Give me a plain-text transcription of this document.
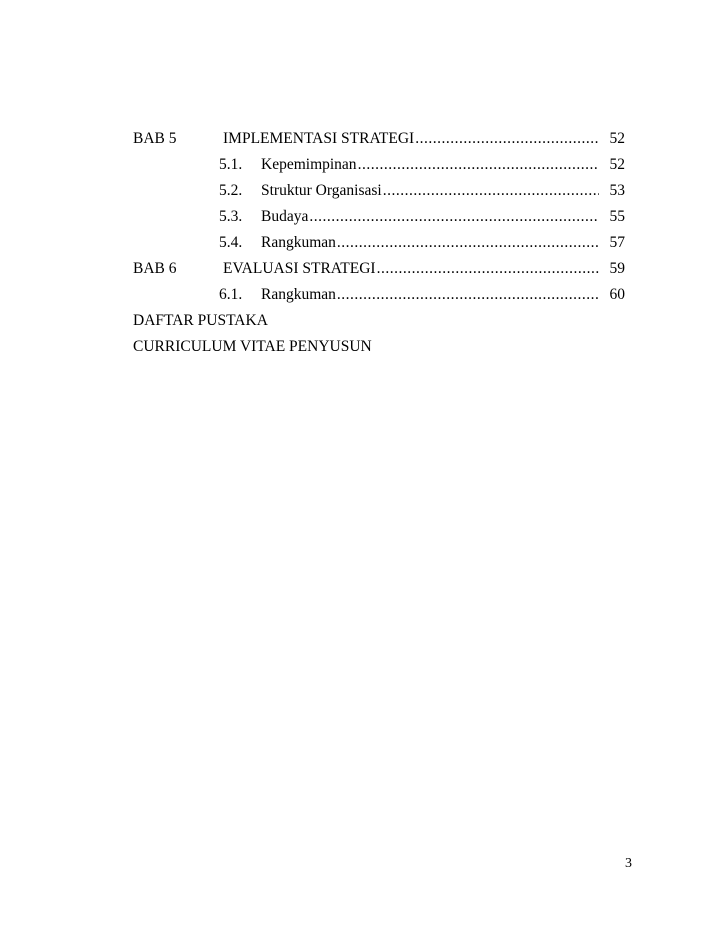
BAB 5	IMPLEMENTASI STRATEGI .....	52
5.1. Kepemimpinan .....	52
5.2. Struktur Organisasi .....	53
5.3. Budaya .....	55
5.4. Rangkuman .....	57
BAB 6	EVALUASI STRATEGI .....	59
6.1. Rangkuman .....	60
DAFTAR PUSTAKA
CURRICULUM VITAE PENYUSUN
3
